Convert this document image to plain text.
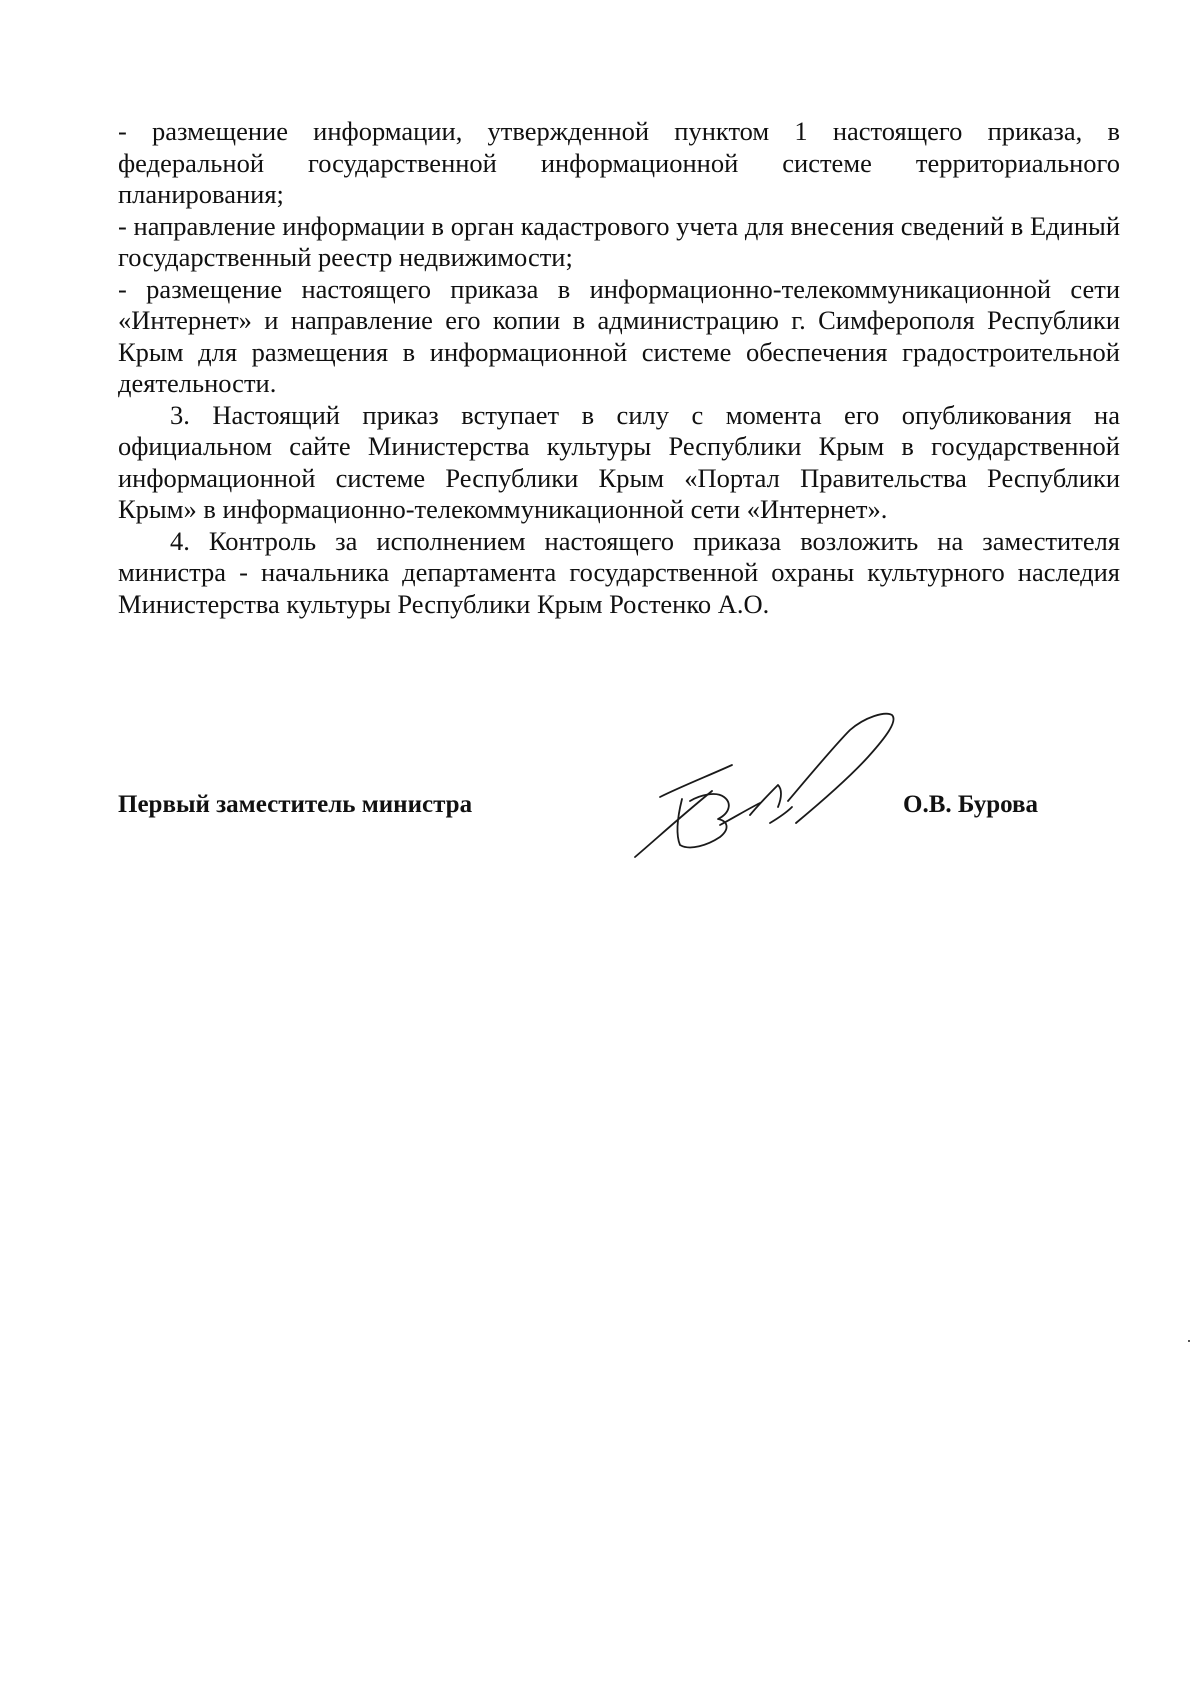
- размещение информации, утвержденной пунктом 1 настоящего приказа, в федеральной государственной информационной системе территориального планирования;

- направление информации в орган кадастрового учета для внесения сведений в Единый государственный реестр недвижимости;

- размещение настоящего приказа в информационно-телекоммуникационной сети «Интернет» и направление его копии в администрацию г. Симферополя Республики Крым для размещения в информационной системе обеспечения градостроительной деятельности.

3. Настоящий приказ вступает в силу с момента его опубликования на официальном сайте Министерства культуры Республики Крым в государственной информационной системе Республики Крым «Портал Правительства Республики Крым» в информационно-телекоммуникационной сети «Интернет».

4. Контроль за исполнением настоящего приказа возложить на заместителя министра - начальника департамента государственной охраны культурного наследия Министерства культуры Республики Крым Ростенко А.О.

Первый заместитель министра	О.В. Бурова
